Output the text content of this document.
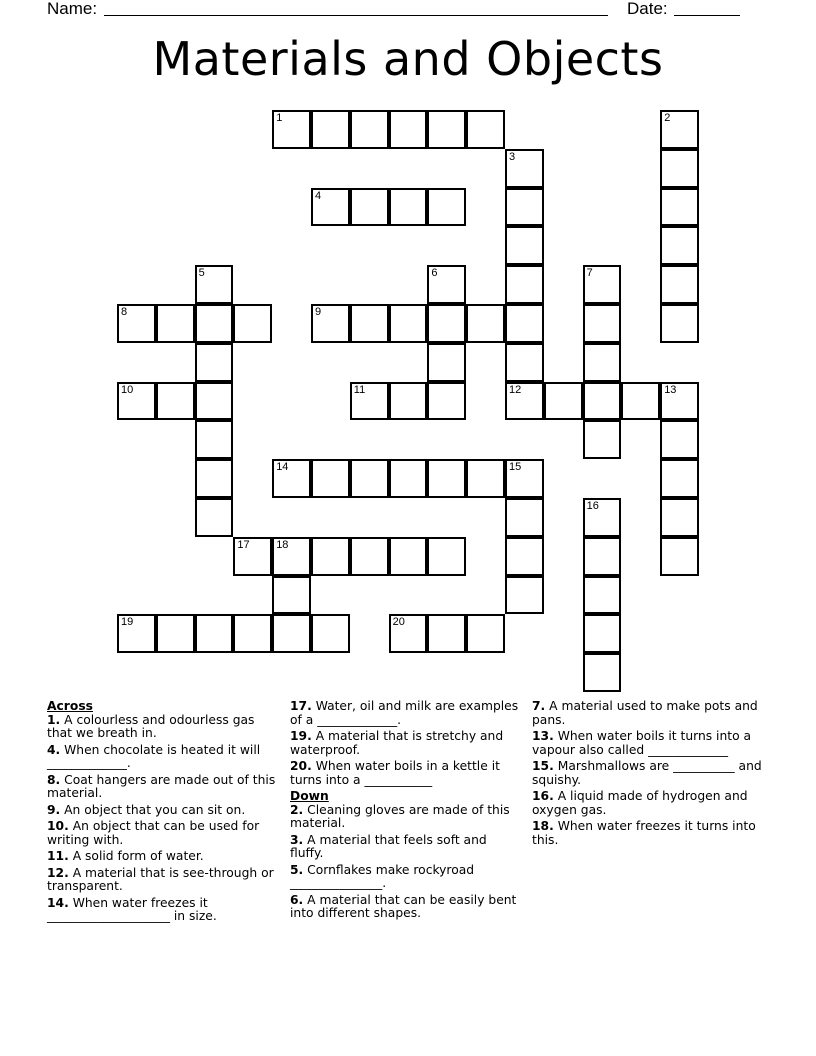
Name:	Date:
Materials and Objects
1	2
3
4
5	6	7
8	9
10	11	12	13
14	15
16
17 18
19	20
Across
1. A colourless and odourless gas that we breath in.
4. When chocolate is heated it will _____________.
8. Coat hangers are made out of this material.
9. An object that you can sit on.
10. An object that can be used for writing with.
11. A solid form of water.
12. A material that is see-through or transparent.
14. When water freezes it ____________________ in size.
17. Water, oil and milk are examples of a _____________.
19. A material that is stretchy and waterproof.
20. When water boils in a kettle it turns into a ___________
Down
2. Cleaning gloves are made of this material.
3. A material that feels soft and fluffy.
5. Cornflakes make rockyroad _______________.
6. A material that can be easily bent into different shapes.
7. A material used to make pots and pans.
13. When water boils it turns into a vapour also called _____________
15. Marshmallows are __________ and squishy.
16. A liquid made of hydrogen and oxygen gas.
18. When water freezes it turns into this.
